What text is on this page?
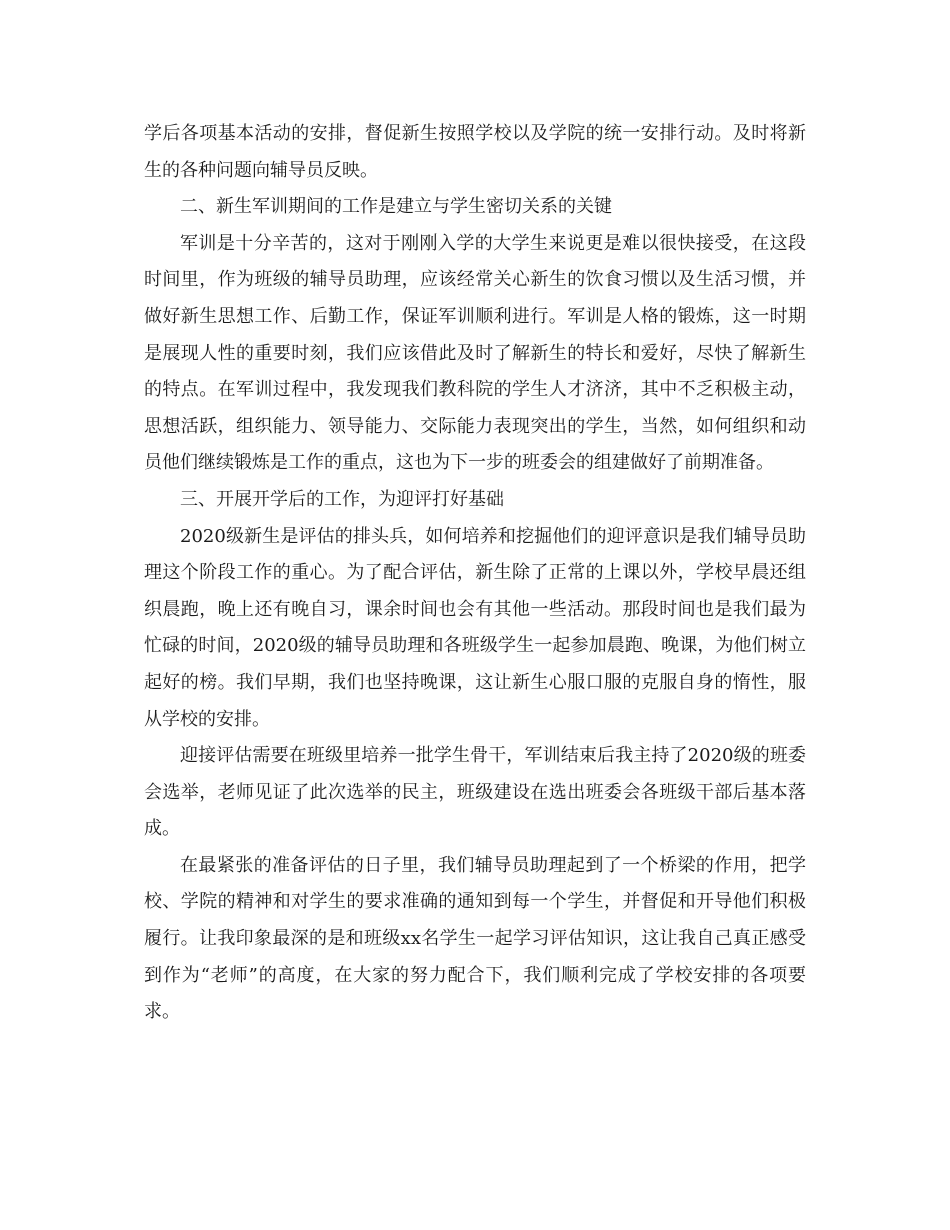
学后各项基本活动的安排，督促新生按照学校以及学院的统一安排行动。及时将新生的各种问题向辅导员反映。

二、新生军训期间的工作是建立与学生密切关系的关键

军训是十分辛苦的，这对于刚刚入学的大学生来说更是难以很快接受，在这段时间里，作为班级的辅导员助理，应该经常关心新生的饮食习惯以及生活习惯，并做好新生思想工作、后勤工作，保证军训顺利进行。军训是人格的锻炼，这一时期是展现人性的重要时刻，我们应该借此及时了解新生的特长和爱好，尽快了解新生的特点。在军训过程中，我发现我们教科院的学生人才济济，其中不乏积极主动，思想活跃，组织能力、领导能力、交际能力表现突出的学生，当然，如何组织和动员他们继续锻炼是工作的重点，这也为下一步的班委会的组建做好了前期准备。

三、开展开学后的工作，为迎评打好基础

2020级新生是评估的排头兵，如何培养和挖掘他们的迎评意识是我们辅导员助理这个阶段工作的重心。为了配合评估，新生除了正常的上课以外，学校早晨还组织晨跑，晚上还有晚自习，课余时间也会有其他一些活动。那段时间也是我们最为忙碌的时间，2020级的辅导员助理和各班级学生一起参加晨跑、晚课，为他们树立起好的榜。我们早期，我们也坚持晚课，这让新生心服口服的克服自身的惰性，服从学校的安排。

迎接评估需要在班级里培养一批学生骨干，军训结束后我主持了2020级的班委会选举，老师见证了此次选举的民主，班级建设在选出班委会各班级干部后基本落成。

在最紧张的准备评估的日子里，我们辅导员助理起到了一个桥梁的作用，把学校、学院的精神和对学生的要求准确的通知到每一个学生，并督促和开导他们积极履行。让我印象最深的是和班级xx名学生一起学习评估知识，这让我自己真正感受到作为“老师”的高度，在大家的努力配合下，我们顺利完成了学校安排的各项要求。
